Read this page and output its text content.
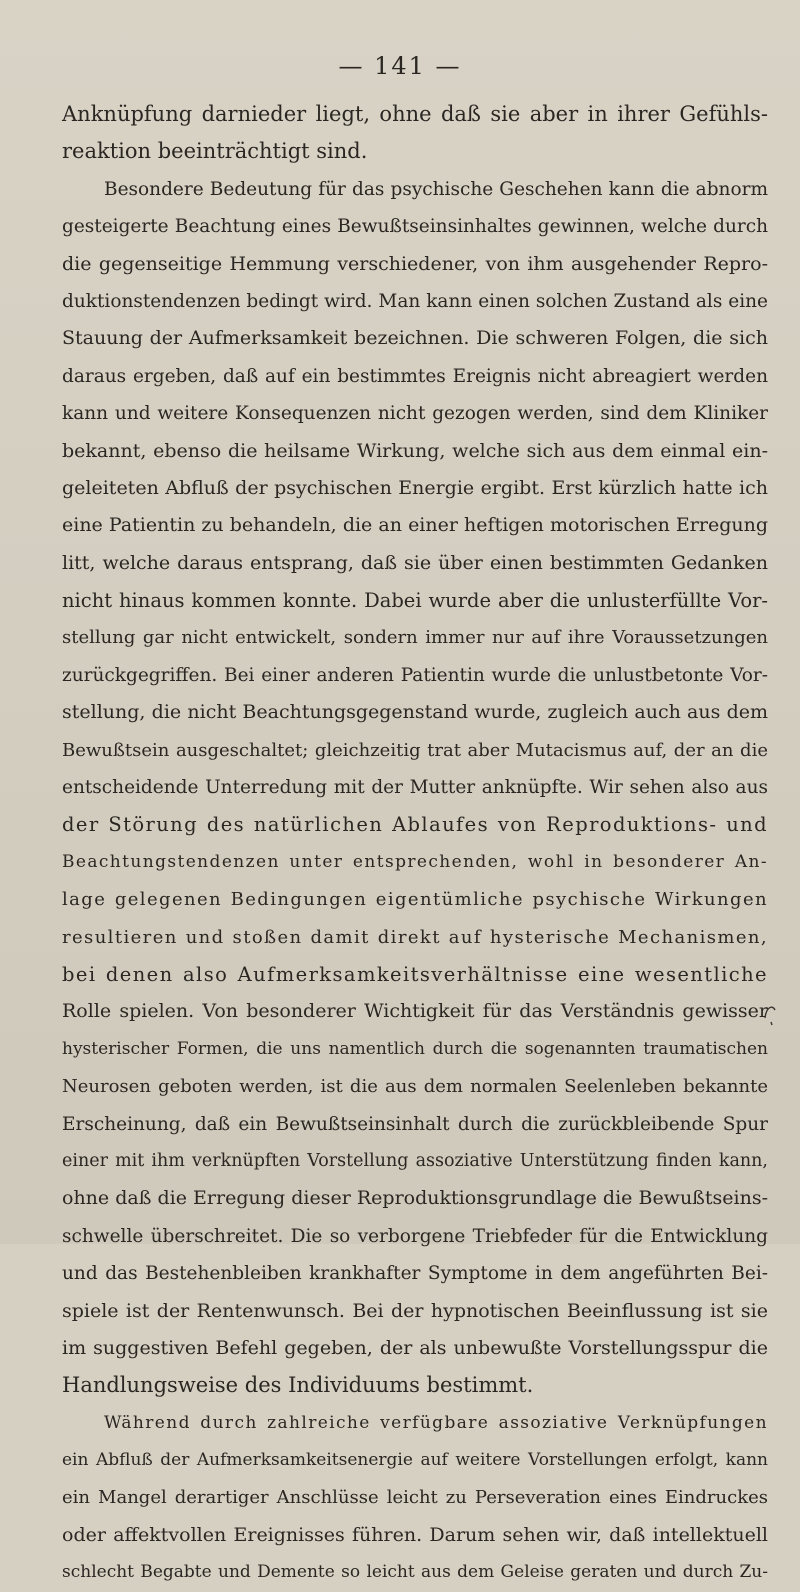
— 141 —
Anknüpfung darnieder liegt, ohne daß sie aber in ihrer Gefühls-
reaktion beeinträchtigt sind.
Besondere Bedeutung für das psychische Geschehen kann die abnorm
gesteigerte Beachtung eines Bewußtseinsinhaltes gewinnen, welche durch
die gegenseitige Hemmung verschiedener, von ihm ausgehender Repro-
duktionstendenzen bedingt wird. Man kann einen solchen Zustand als eine
Stauung der Aufmerksamkeit bezeichnen. Die schweren Folgen, die sich
daraus ergeben, daß auf ein bestimmtes Ereignis nicht abreagiert werden
kann und weitere Konsequenzen nicht gezogen werden, sind dem Kliniker
bekannt, ebenso die heilsame Wirkung, welche sich aus dem einmal ein-
geleiteten Abfluß der psychischen Energie ergibt. Erst kürzlich hatte ich
eine Patientin zu behandeln, die an einer heftigen motorischen Erregung
litt, welche daraus entsprang, daß sie über einen bestimmten Gedanken
nicht hinaus kommen konnte. Dabei wurde aber die unlusterfüllte Vor-
stellung gar nicht entwickelt, sondern immer nur auf ihre Voraussetzungen
zurückgegriffen. Bei einer anderen Patientin wurde die unlustbetonte Vor-
stellung, die nicht Beachtungsgegenstand wurde, zugleich auch aus dem
Bewußtsein ausgeschaltet; gleichzeitig trat aber Mutacismus auf, der an die
entscheidende Unterredung mit der Mutter anknüpfte. Wir sehen also aus
der Störung des natürlichen Ablaufes von Reproduktions- und
Beachtungstendenzen unter entsprechenden, wohl in besonderer An-
lage gelegenen Bedingungen eigentümliche psychische Wirkungen
resultieren und stoßen damit direkt auf hysterische Mechanismen,
bei denen also Aufmerksamkeitsverhältnisse eine wesentliche
Rolle spielen. Von besonderer Wichtigkeit für das Verständnis gewisser
hysterischer Formen, die uns namentlich durch die sogenannten traumatischen
Neurosen geboten werden, ist die aus dem normalen Seelenleben bekannte
Erscheinung, daß ein Bewußtseinsinhalt durch die zurückbleibende Spur
einer mit ihm verknüpften Vorstellung assoziative Unterstützung finden kann,
ohne daß die Erregung dieser Reproduktionsgrundlage die Bewußtseins-
schwelle überschreitet. Die so verborgene Triebfeder für die Entwicklung
und das Bestehenbleiben krankhafter Symptome in dem angeführten Bei-
spiele ist der Rentenwunsch. Bei der hypnotischen Beeinflussung ist sie
im suggestiven Befehl gegeben, der als unbewußte Vorstellungsspur die
Handlungsweise des Individuums bestimmt.
Während durch zahlreiche verfügbare assoziative Verknüpfungen
ein Abfluß der Aufmerksamkeitsenergie auf weitere Vorstellungen erfolgt, kann
ein Mangel derartiger Anschlüsse leicht zu Perseveration eines Eindruckes
oder affektvollen Ereignisses führen. Darum sehen wir, daß intellektuell
schlecht Begabte und Demente so leicht aus dem Geleise geraten und durch Zu-
